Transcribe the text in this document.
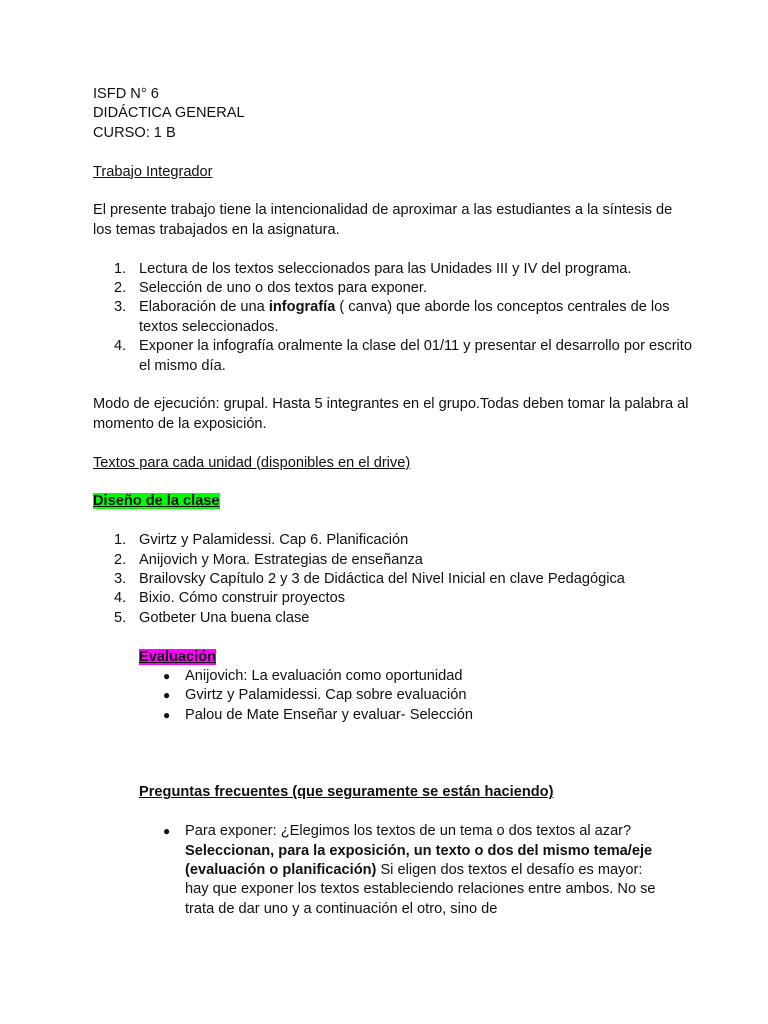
ISFD N° 6

DIDÁCTICA GENERAL

CURSO: 1 B

Trabajo Integrador

El presente trabajo tiene la intencionalidad de aproximar a las estudiantes a la síntesis de los temas trabajados en la asignatura.

1. Lectura de los textos seleccionados para las Unidades III y IV del programa.
2. Selección de uno o dos textos para exponer.
3. Elaboración de una infografía ( canva) que aborde los conceptos centrales de los textos seleccionados.
4. Exponer la infografía oralmente la clase del 01/11 y presentar el desarrollo por escrito el mismo día.

Modo de ejecución: grupal. Hasta 5 integrantes en el grupo.Todas deben tomar la palabra al momento de la exposición.

Textos para cada unidad (disponibles en el drive)

Diseño de la clase

1. Gvirtz y Palamidessi. Cap 6. Planificación
2. Anijovich y Mora. Estrategias de enseñanza
3. Brailovsky Capítulo 2 y 3 de Didáctica del Nivel Inicial en clave Pedagógica
4. Bixio. Cómo construir proyectos
5. Gotbeter Una buena clase

Evaluación

● Anijovich: La evaluación como oportunidad
● Gvirtz y Palamidessi. Cap sobre evaluación
● Palou de Mate Enseñar y evaluar- Selección

Preguntas frecuentes (que seguramente se están haciendo)

● Para exponer: ¿Elegimos los textos de un tema o dos textos al azar? Seleccionan, para la exposición, un texto o dos del mismo tema/eje (evaluación o planificación) Si eligen dos textos el desafío es mayor: hay que exponer los textos estableciendo relaciones entre ambos. No se trata de dar uno y a continuación el otro, sino de
